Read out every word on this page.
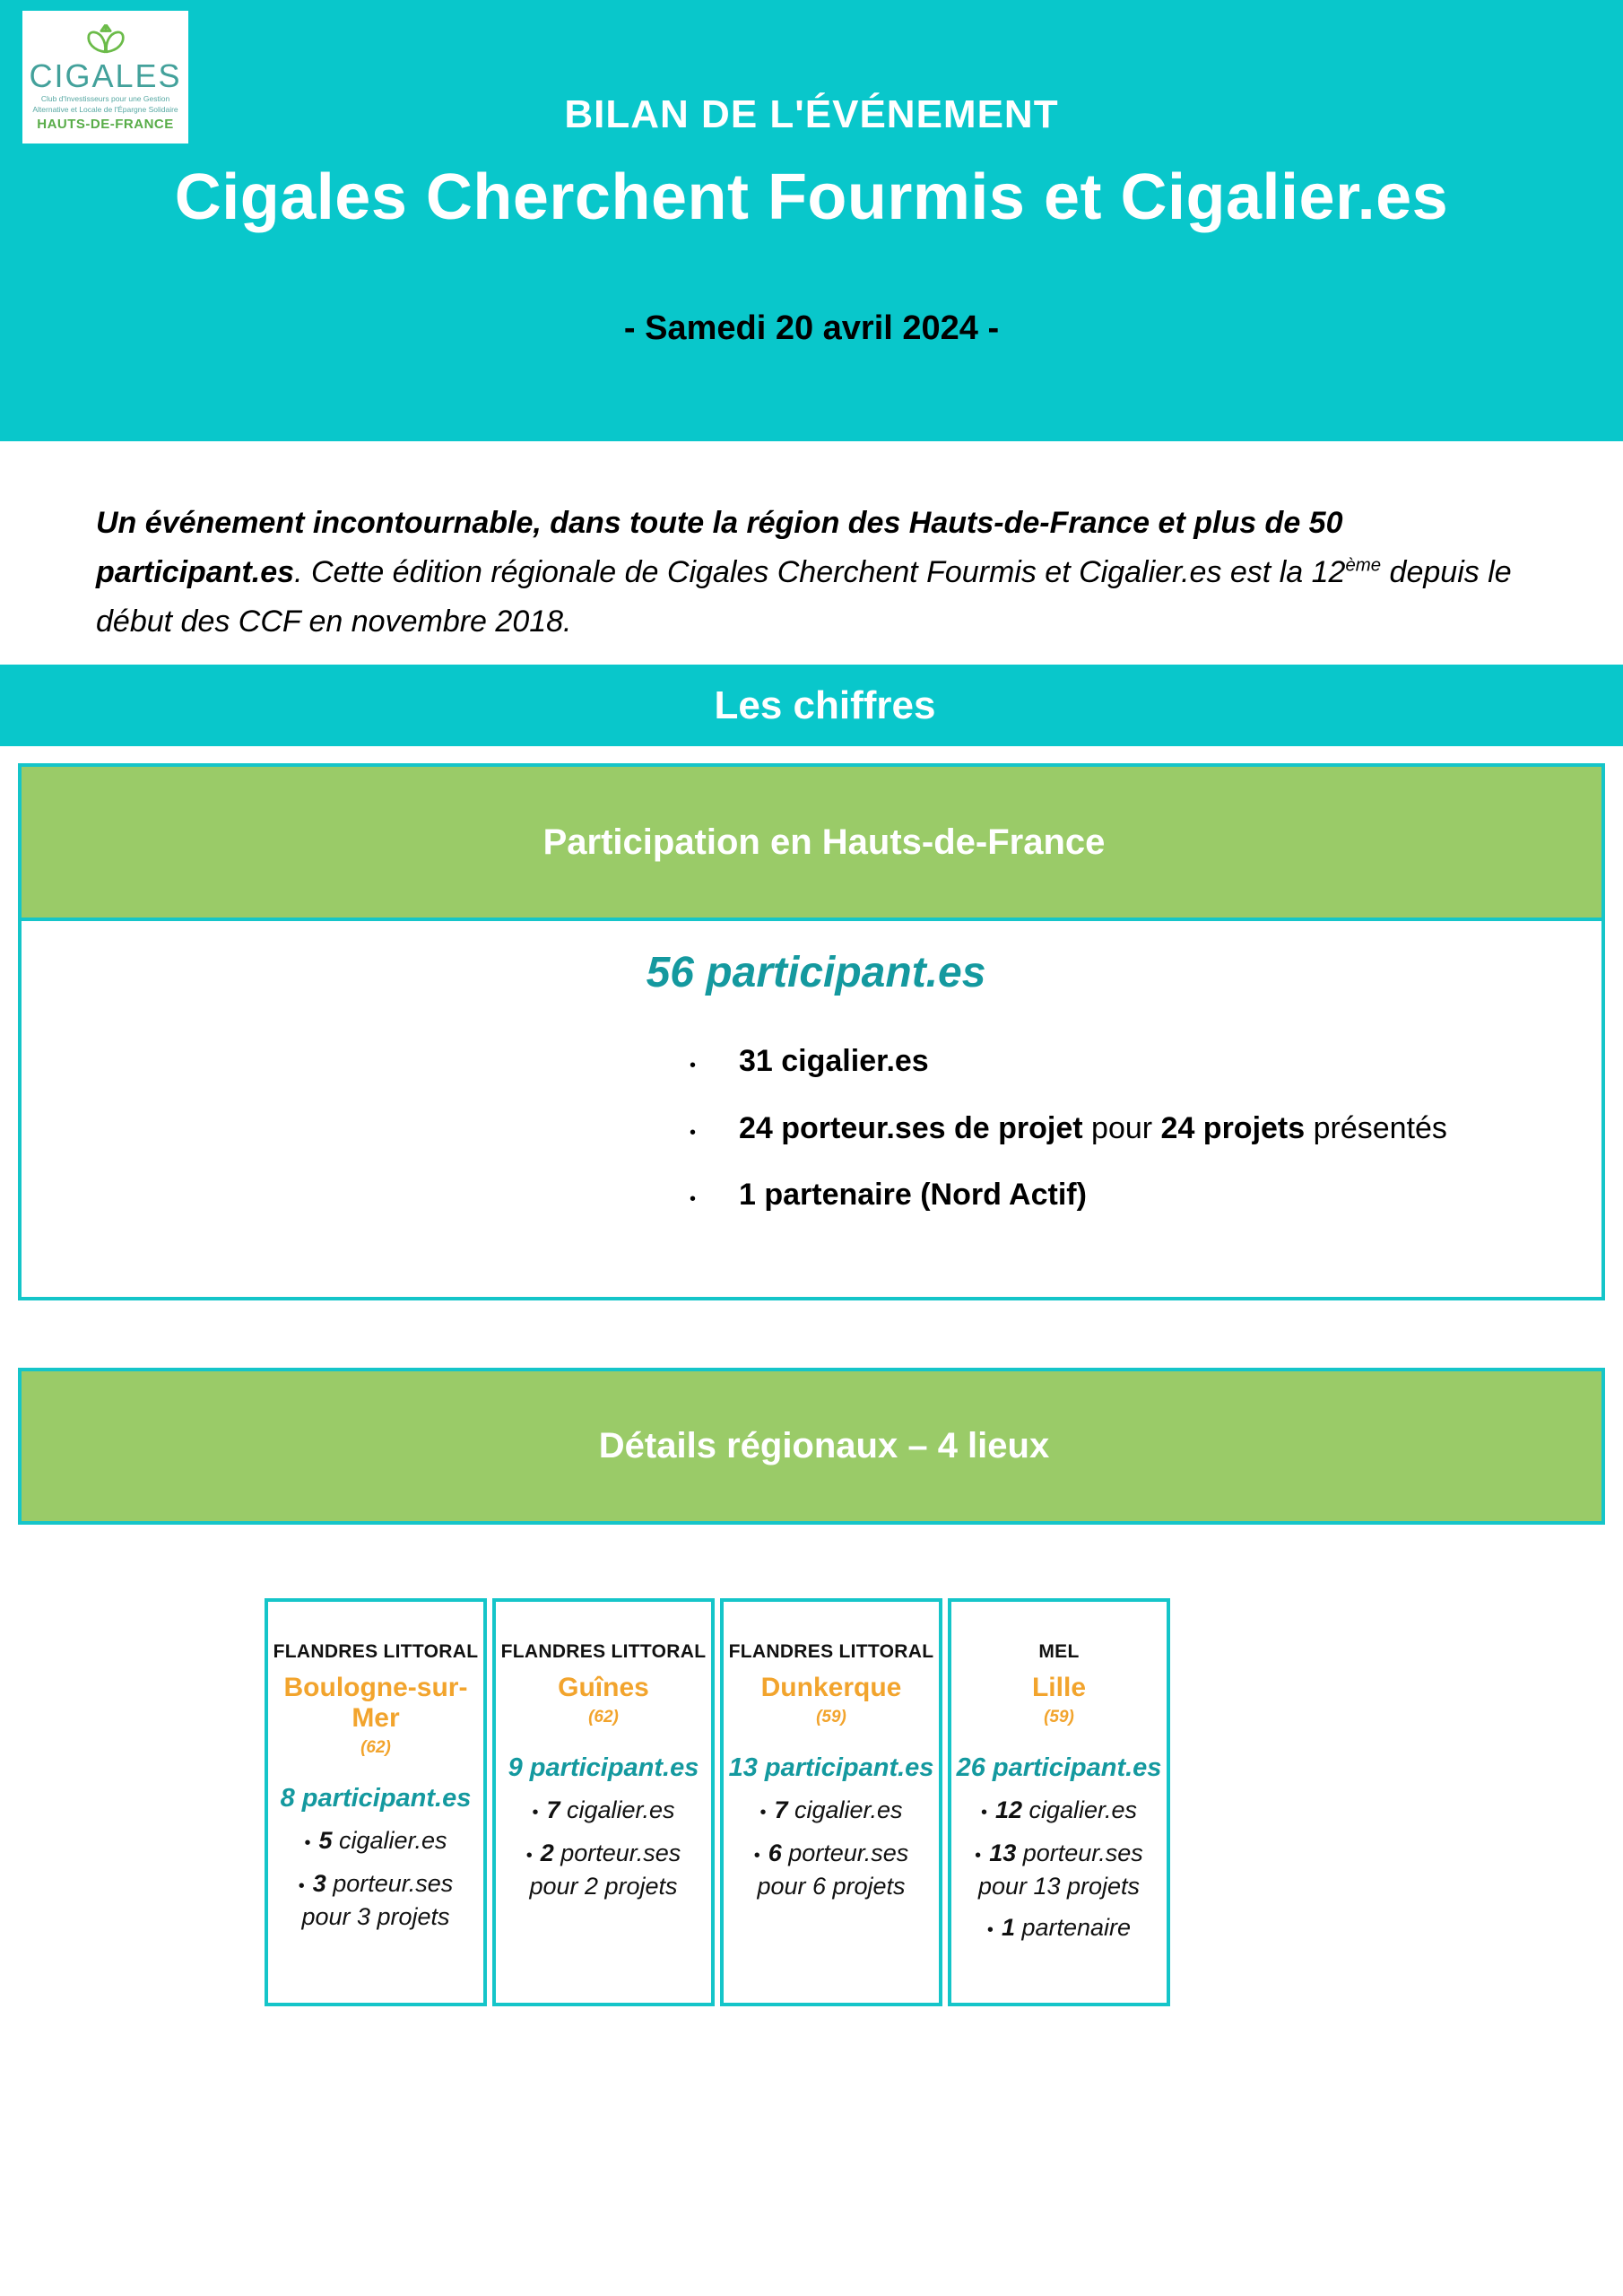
CIGALES
Club d'Investisseurs pour une Gestion
Alternative et Locale de l'Épargne Solidaire
HAUTS-DE-FRANCE	BILAN DE L'ÉVÉNEMENT
Cigales Cherchent Fourmis et Cigalier.es
- Samedi 20 avril 2024 -

Un événement incontournable, dans toute la région des Hauts-de-France et plus de 50 participant.es. Cette édition régionale de Cigales Cherchent Fourmis et Cigalier.es est la 12ème depuis le début des CCF en novembre 2018.

Les chiffres
Participation en Hauts-de-France
56 participant.es
•	31 cigalier.es
•	24 porteur.ses de projet pour 24 projets présentés
•	1 partenaire (Nord Actif)
Détails régionaux – 4 lieux
FLANDRES LITTORAL
Boulogne-sur-Mer
(62)
8 participant.es
• 5 cigalier.es
• 3 porteur.ses
pour 3 projets
FLANDRES LITTORAL
Guînes
(62)
9 participant.es
• 7 cigalier.es
• 2 porteur.ses
pour 2 projets
FLANDRES LITTORAL
Dunkerque
(59)
13 participant.es
• 7 cigalier.es
• 6 porteur.ses
pour 6 projets
MEL
Lille
(59)
26 participant.es
• 12 cigalier.es
• 13 porteur.ses
pour 13 projets
• 1 partenaire
